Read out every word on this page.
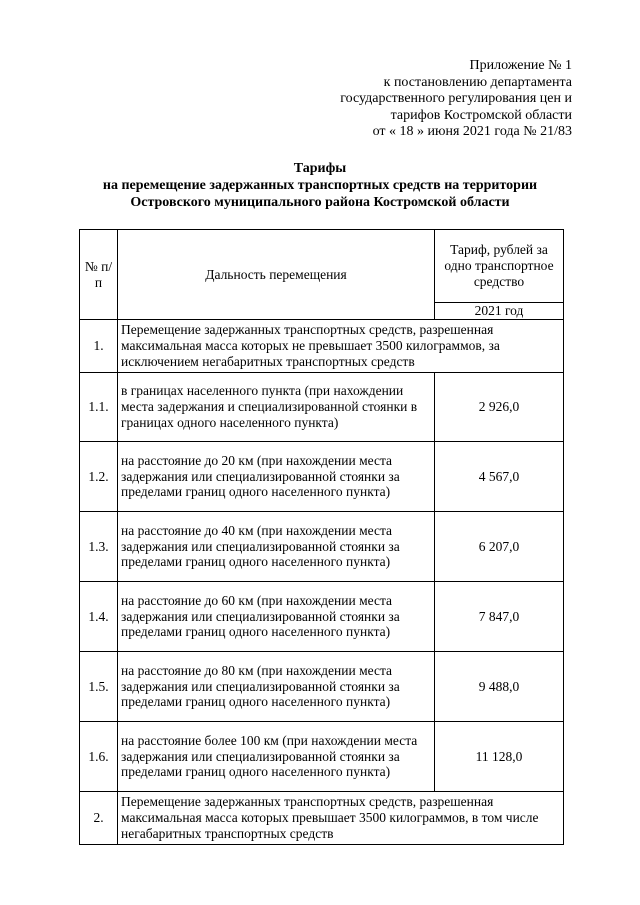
Приложение № 1
к постановлению департамента
государственного регулирования цен и
тарифов Костромской области
от « 18 » июня 2021 года № 21/83
Тарифы
на перемещение задержанных транспортных средств на территории
Островского муниципального района Костромской области
№ п/п	Дальность перемещения	Тариф, рублей за одно транспортное средство
		2021 год
1.	Перемещение задержанных транспортных средств, разрешенная максимальная масса которых не превышает 3500 килограммов, за исключением негабаритных транспортных средств	
1.1.	в границах населенного пункта (при нахождении места задержания и специализированной стоянки в границах одного населенного пункта)	2 926,0
1.2.	на расстояние до 20 км (при нахождении места задержания или специализированной стоянки за пределами границ одного населенного пункта)	4 567,0
1.3.	на расстояние до 40 км (при нахождении места задержания или специализированной стоянки за пределами границ одного населенного пункта)	6 207,0
1.4.	на расстояние до 60 км (при нахождении места задержания или специализированной стоянки за пределами границ одного населенного пункта)	7 847,0
1.5.	на расстояние до 80 км (при нахождении места задержания или специализированной стоянки за пределами границ одного населенного пункта)	9 488,0
1.6.	на расстояние более 100 км (при нахождении места задержания или специализированной стоянки за пределами границ одного населенного пункта)	11 128,0
2.	Перемещение задержанных транспортных средств, разрешенная максимальная масса которых превышает 3500 килограммов, в том числе негабаритных транспортных средств	
